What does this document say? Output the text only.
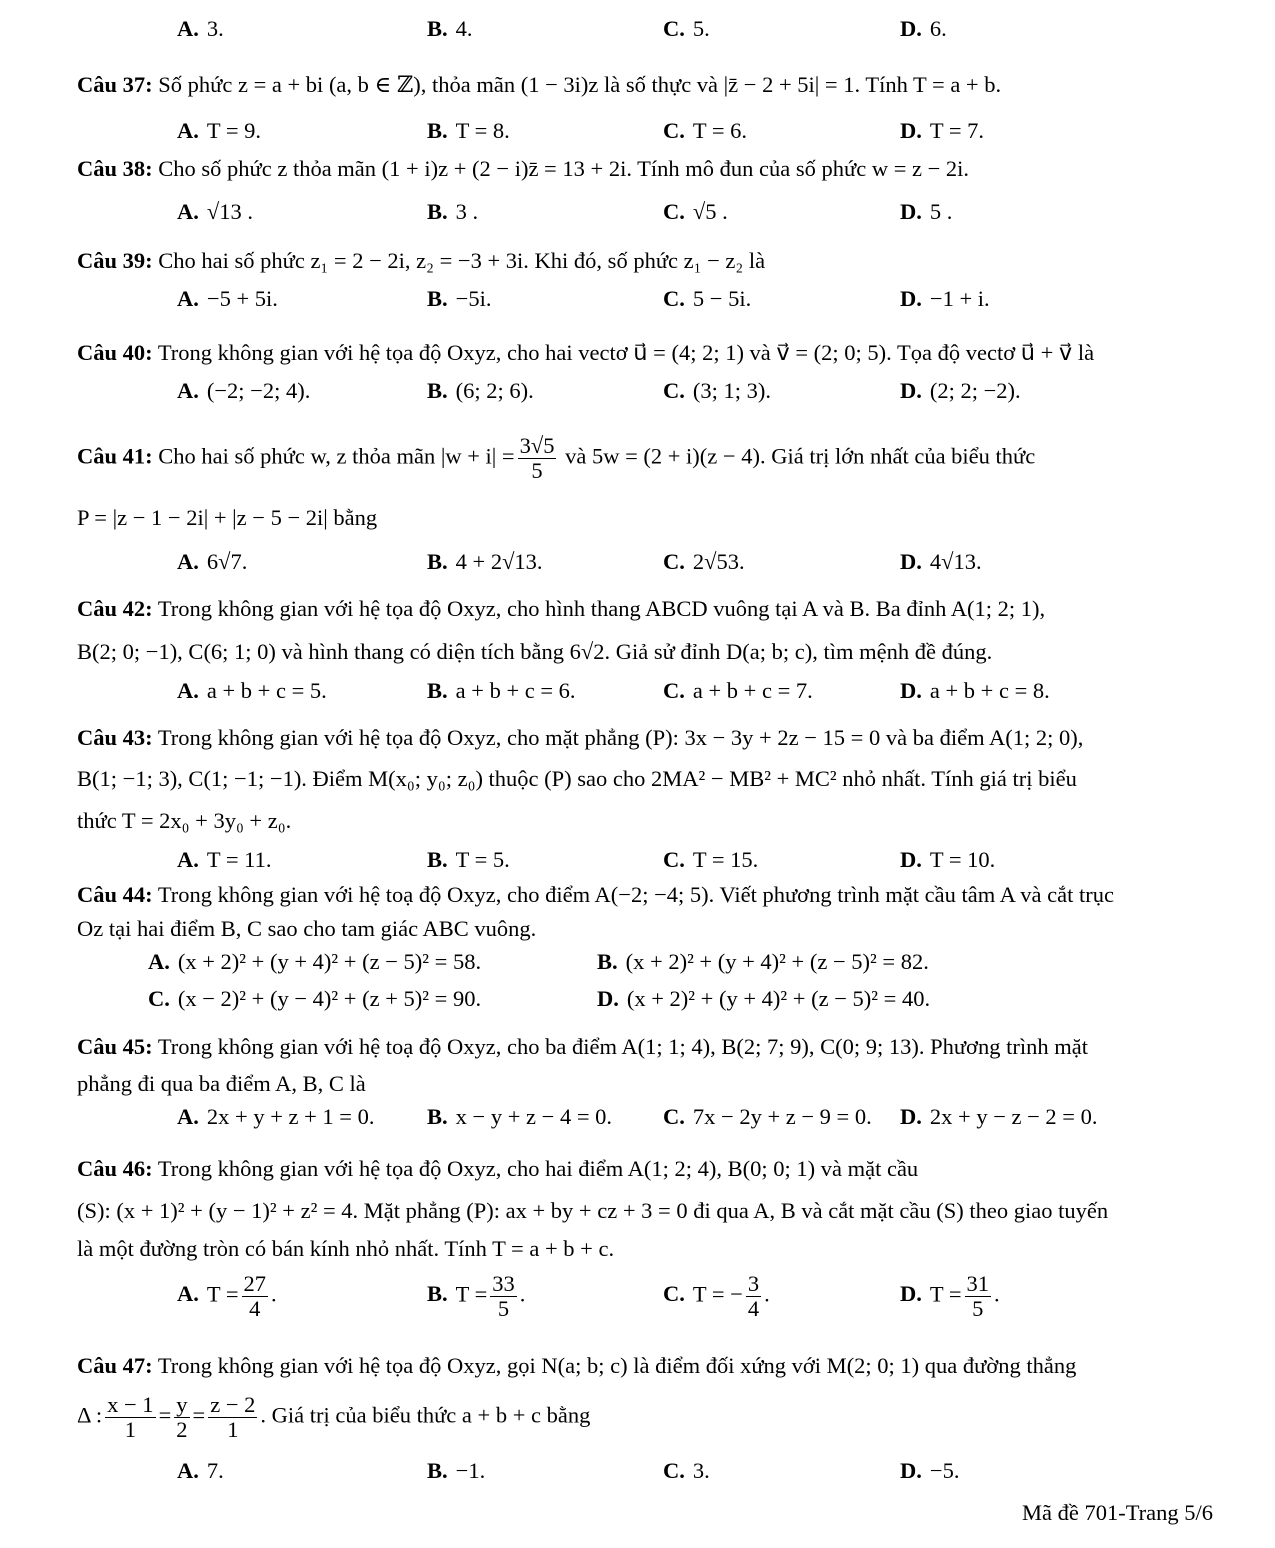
A. 3.	B. 4.	C. 5.	D. 6.
Câu 37: Số phức z = a + bi (a, b ∈ ℤ), thỏa mãn (1 − 3i)z là số thực và |z̄ − 2 + 5i| = 1. Tính T = a + b.
A. T = 9.	B. T = 8.	C. T = 6.	D. T = 7.
Câu 38: Cho số phức z thỏa mãn (1 + i)z + (2 − i)z̄ = 13 + 2i. Tính mô đun của số phức w = z − 2i.
A. √13 .	B. 3 .	C. √5 .	D. 5 .
Câu 39: Cho hai số phức z₁ = 2 − 2i, z₂ = −3 + 3i. Khi đó, số phức z₁ − z₂ là
A. −5 + 5i.	B. −5i.	C. 5 − 5i.	D. −1 + i.
Câu 40: Trong không gian với hệ tọa độ Oxyz, cho hai vectơ u⃗ = (4; 2; 1) và v⃗ = (2; 0; 5). Tọa độ vectơ u⃗ + v⃗ là
A. (−2; −2; 4).	B. (6; 2; 6).	C. (3; 1; 3).	D. (2; 2; −2).
Câu 41: Cho hai số phức w, z thỏa mãn $|w + i| = \frac{3√5}{5}$ và 5w = (2 + i)(z − 4). Giá trị lớn nhất của biểu thức
P = |z − 1 − 2i| + |z − 5 − 2i| bằng
A. 6√7.	B. 4 + 2√13.	C. 2√53.	D. 4√13.
Câu 42: Trong không gian với hệ tọa độ Oxyz, cho hình thang ABCD vuông tại A và B. Ba đỉnh A(1; 2; 1),
B(2; 0; −1), C(6; 1; 0) và hình thang có diện tích bằng 6√2. Giả sử đỉnh D(a; b; c), tìm mệnh đề đúng.
A. a + b + c = 5.	B. a + b + c = 6.	C. a + b + c = 7.	D. a + b + c = 8.
Câu 43: Trong không gian với hệ tọa độ Oxyz, cho mặt phẳng (P): 3x − 3y + 2z − 15 = 0 và ba điểm A(1; 2; 0),
B(1; −1; 3), C(1; −1; −1). Điểm M(x₀; y₀; z₀) thuộc (P) sao cho 2MA² − MB² + MC² nhỏ nhất. Tính giá trị biểu
thức T = 2x₀ + 3y₀ + z₀.
A. T = 11.	B. T = 5.	C. T = 15.	D. T = 10.
Câu 44: Trong không gian với hệ toạ độ Oxyz, cho điểm A(−2; −4; 5). Viết phương trình mặt cầu tâm A và cắt trục
Oz tại hai điểm B, C sao cho tam giác ABC vuông.
A. (x + 2)² + (y + 4)² + (z − 5)² = 58.	B. (x + 2)² + (y + 4)² + (z − 5)² = 82.
C. (x − 2)² + (y − 4)² + (z + 5)² = 90.	D. (x + 2)² + (y + 4)² + (z − 5)² = 40.
Câu 45: Trong không gian với hệ toạ độ Oxyz, cho ba điểm A(1; 1; 4), B(2; 7; 9), C(0; 9; 13). Phương trình mặt
phẳng đi qua ba điểm A, B, C là
A. 2x + y + z + 1 = 0. B. x − y + z − 4 = 0. C. 7x − 2y + z − 9 = 0. D. 2x + y − z − 2 = 0.
Câu 46: Trong không gian với hệ tọa độ Oxyz, cho hai điểm A(1; 2; 4), B(0; 0; 1) và mặt cầu
(S): (x + 1)² + (y − 1)² + z² = 4. Mặt phẳng (P): ax + by + cz + 3 = 0 đi qua A, B và cắt mặt cầu (S) theo giao tuyến
là một đường tròn có bán kính nhỏ nhất. Tính T = a + b + c.
A. $T = \frac{27}{4}$ .	B. $T = \frac{33}{5}$ .	C. T = − $\frac{3}{4}$ .	D. $T = \frac{31}{5}$ .
Câu 47: Trong không gian với hệ tọa độ Oxyz, gọi N(a; b; c) là điểm đối xứng với M(2; 0; 1) qua đường thẳng
Δ : $\frac{x - 1}{1} = \frac{y}{2} = \frac{z - 2}{1}$ . Giá trị của biểu thức a + b + c bằng
A. 7.	B. −1.	C. 3.	D. −5.
Mã đề 701-Trang 5/6
